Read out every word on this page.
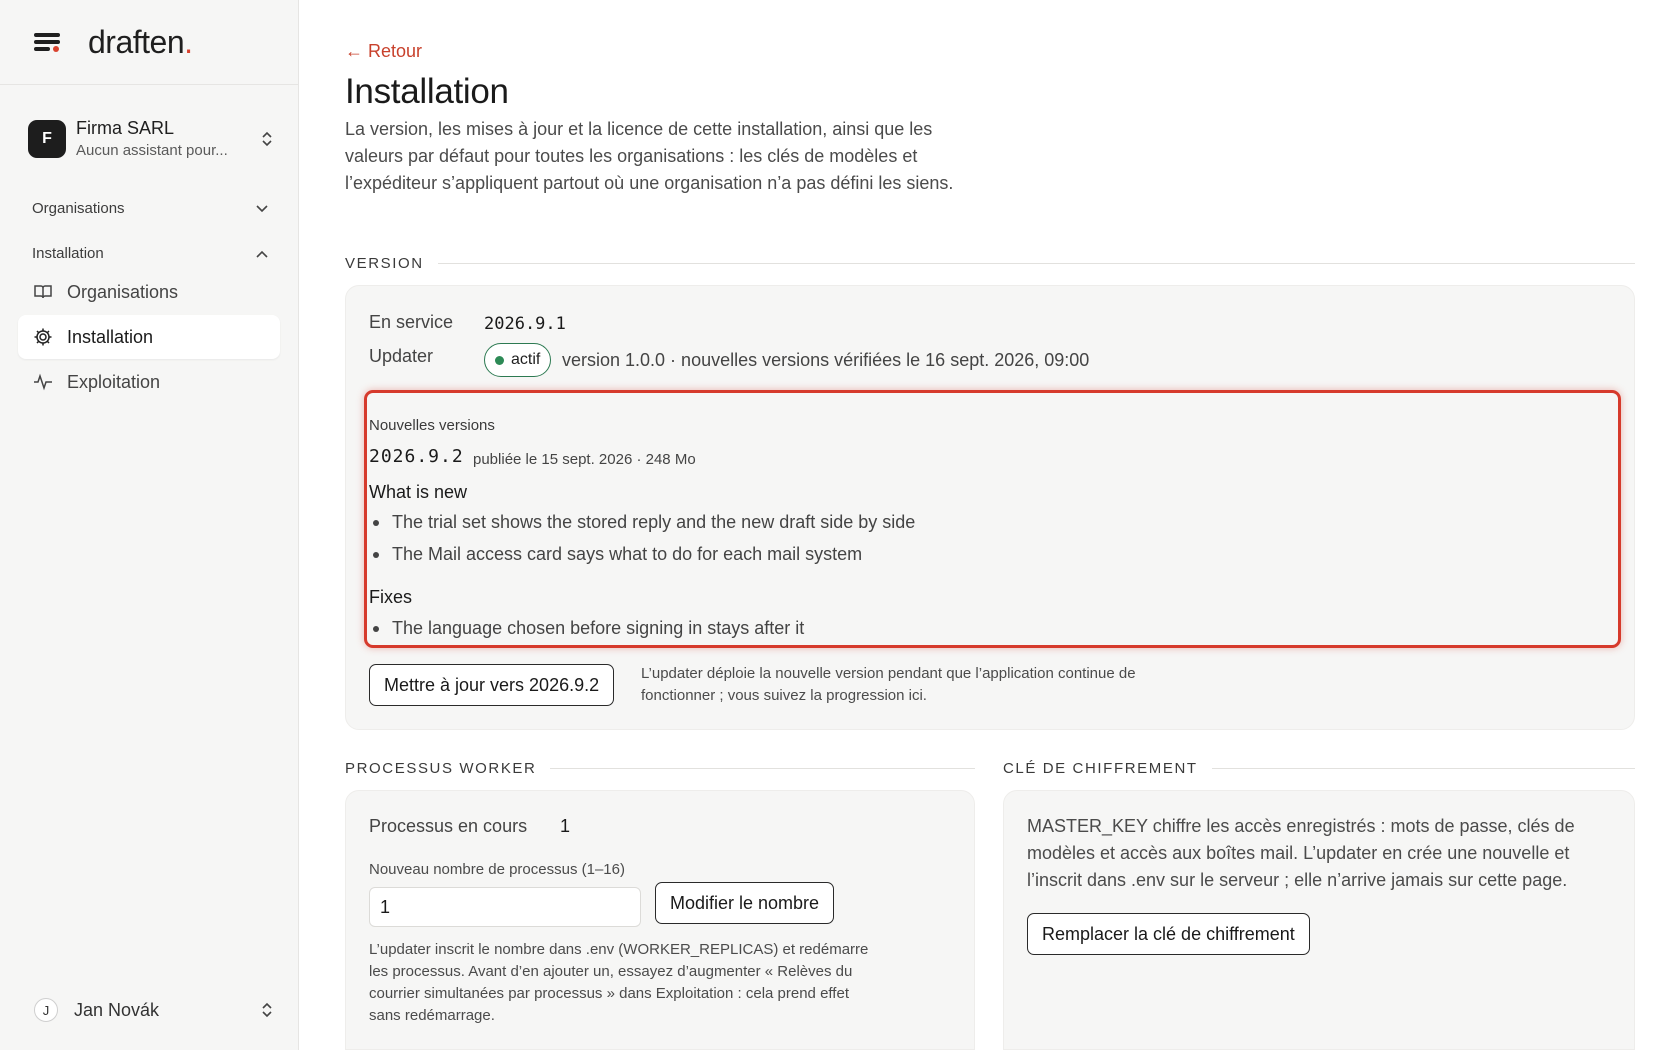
draften.
F
Firma SARL
Aucun assistant pour...
Organisations
Installation
Organisations
Installation
Exploitation
J	Jan Novák
← Retour
Installation

La version, les mises à jour et la licence de cette installation, ainsi que les valeurs par défaut pour toutes les organisations : les clés de modèles et l’expéditeur s’appliquent partout où une organisation n’a pas défini les siens.

VERSION
En service 2026.9.1
Updater	actif version 1.0.0 · nouvelles versions vérifiées le 16 sept. 2026, 09:00
Nouvelles versions
2026.9.2 publiée le 15 sept. 2026 · 248 Mo
What is new
The trial set shows the stored reply and the new draft side by side
The Mail access card says what to do for each mail system
Fixes
The language chosen before signing in stays after it
Mettre à jour vers 2026.9.2
L’updater déploie la nouvelle version pendant que l’application continue de fonctionner ; vous suivez la progression ici.
PROCESSUS WORKER
Processus en cours 1
Nouveau nombre de processus (1–16)
1
Modifier le nombre
L’updater inscrit le nombre dans .env (WORKER_REPLICAS) et redémarre les processus. Avant d’en ajouter un, essayez d’augmenter « Relèves du courrier simultanées par processus » dans Exploitation : cela prend effet sans redémarrage.
CLÉ DE CHIFFREMENT
MASTER_KEY chiffre les accès enregistrés : mots de passe, clés de modèles et accès aux boîtes mail. L’updater en crée une nouvelle et l’inscrit dans .env sur le serveur ; elle n’arrive jamais sur cette page.
Remplacer la clé de chiffrement
